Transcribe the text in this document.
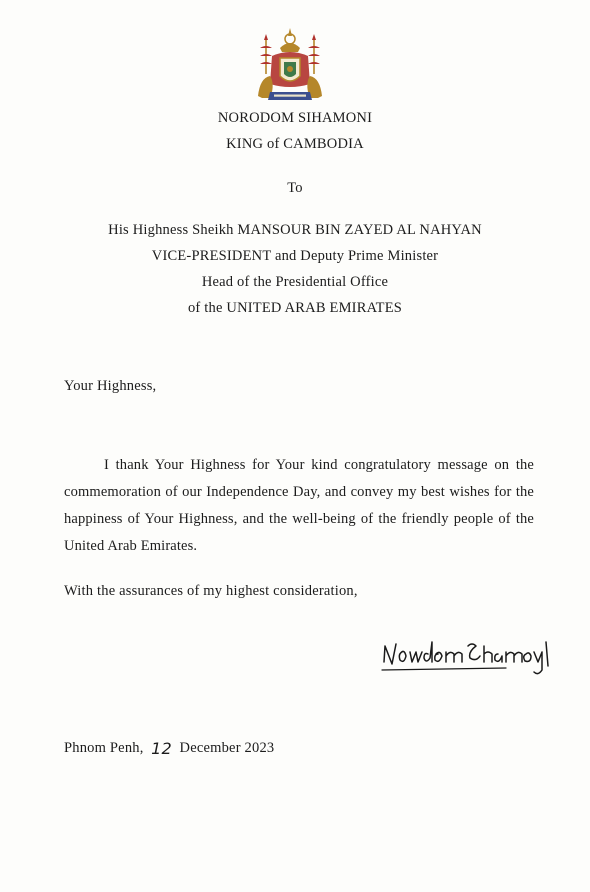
NORODOM SIHAMONI
KING of CAMBODIA
To
His Highness Sheikh MANSOUR BIN ZAYED AL NAHYAN
VICE-PRESIDENT and Deputy Prime Minister
Head of the Presidential Office
of the UNITED ARAB EMIRATES
Your Highness,
I thank Your Highness for Your kind congratulatory message on the commemoration of our Independence Day, and convey my best wishes for the happiness of Your Highness, and the well-being of the friendly people of the United Arab Emirates.
With the assurances of my highest consideration,
Phnom Penh, 12 December 2023
